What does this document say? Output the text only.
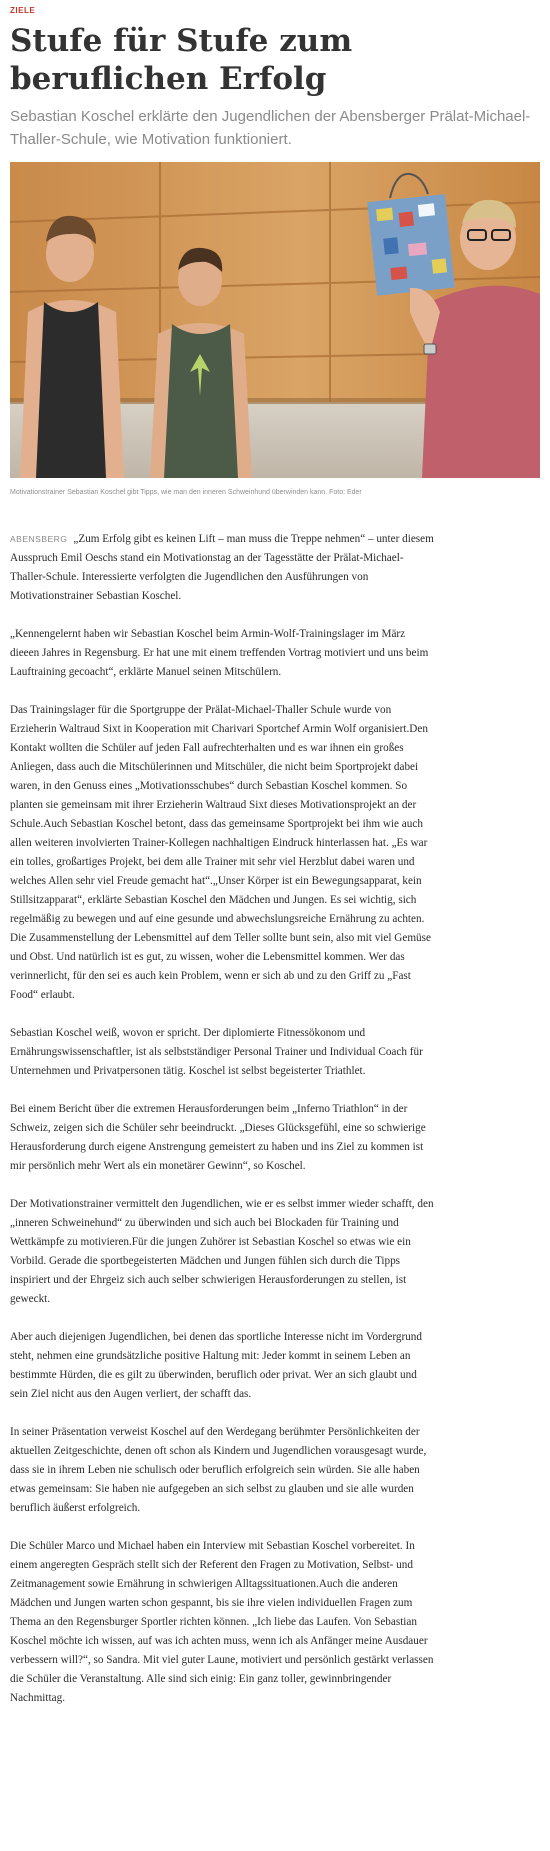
ZIELE
Stufe für Stufe zum beruflichen Erfolg

Sebastian Koschel erklärte den Jugendlichen der Abensberger Prälat-Michael-Thaller-Schule, wie Motivation funktioniert.

Motivationstrainer Sebastian Koschel gibt Tipps, wie man den inneren Schweinhund überwinden kann. Foto: Eder

ABENSBERG „Zum Erfolg gibt es keinen Lift – man muss die Treppe nehmen“ – unter diesem Ausspruch Emil Oeschs stand ein Motivationstag an der Tagesstätte der Prälat-Michael-Thaller-Schule. Interessierte verfolgten die Jugendlichen den Ausführungen von Motivationstrainer Sebastian Koschel.

„Kennengelernt haben wir Sebastian Koschel beim Armin-Wolf-Trainingslager im März dieeen Jahres in Regensburg. Er hat une mit einem treffenden Vortrag motiviert und uns beim Lauftraining gecoacht“, erklärte Manuel seinen Mitschülern.

Das Trainingslager für die Sportgruppe der Prälat-Michael-Thaller Schule wurde von Erzieherin Waltraud Sixt in Kooperation mit Charivari Sportchef Armin Wolf organisiert.Den Kontakt wollten die Schüler auf jeden Fall aufrechterhalten und es war ihnen ein großes Anliegen, dass auch die Mitschülerinnen und Mitschüler, die nicht beim Sportprojekt dabei waren, in den Genuss eines „Motivationsschubes“ durch Sebastian Koschel kommen. So planten sie gemeinsam mit ihrer Erzieherin Waltraud Sixt dieses Motivationsprojekt an der Schule.Auch Sebastian Koschel betont, dass das gemeinsame Sportprojekt bei ihm wie auch allen weiteren involvierten Trainer-Kollegen nachhaltigen Eindruck hinterlassen hat. „Es war ein tolles, großartiges Projekt, bei dem alle Trainer mit sehr viel Herzblut dabei waren und welches Allen sehr viel Freude gemacht hat“.„Unser Körper ist ein Bewegungsapparat, kein Stillsitzapparat“, erklärte Sebastian Koschel den Mädchen und Jungen. Es sei wichtig, sich regelmäßig zu bewegen und auf eine gesunde und abwechslungsreiche Ernährung zu achten. Die Zusammenstellung der Lebensmittel auf dem Teller sollte bunt sein, also mit viel Gemüse und Obst. Und natürlich ist es gut, zu wissen, woher die Lebensmittel kommen. Wer das verinnerlicht, für den sei es auch kein Problem, wenn er sich ab und zu den Griff zu „Fast Food“ erlaubt.

Sebastian Koschel weiß, wovon er spricht. Der diplomierte Fitnessökonom und Ernährungswissenschaftler, ist als selbstständiger Personal Trainer und Individual Coach für Unternehmen und Privatpersonen tätig. Koschel ist selbst begeisterter Triathlet.

Bei einem Bericht über die extremen Herausforderungen beim „Inferno Triathlon“ in der Schweiz, zeigen sich die Schüler sehr beeindruckt. „Dieses Glücksgefühl, eine so schwierige Herausforderung durch eigene Anstrengung gemeistert zu haben und ins Ziel zu kommen ist mir persönlich mehr Wert als ein monetärer Gewinn“, so Koschel.

Der Motivationstrainer vermittelt den Jugendlichen, wie er es selbst immer wieder schafft, den „inneren Schweinehund“ zu überwinden und sich auch bei Blockaden für Training und Wettkämpfe zu motivieren.Für die jungen Zuhörer ist Sebastian Koschel so etwas wie ein Vorbild. Gerade die sportbegeisterten Mädchen und Jungen fühlen sich durch die Tipps inspiriert und der Ehrgeiz sich auch selber schwierigen Herausforderungen zu stellen, ist geweckt.

Aber auch diejenigen Jugendlichen, bei denen das sportliche Interesse nicht im Vordergrund steht, nehmen eine grundsätzliche positive Haltung mit: Jeder kommt in seinem Leben an bestimmte Hürden, die es gilt zu überwinden, beruflich oder privat. Wer an sich glaubt und sein Ziel nicht aus den Augen verliert, der schafft das.

In seiner Präsentation verweist Koschel auf den Werdegang berühmter Persönlichkeiten der aktuellen Zeitgeschichte, denen oft schon als Kindern und Jugendlichen vorausgesagt wurde, dass sie in ihrem Leben nie schulisch oder beruflich erfolgreich sein würden. Sie alle haben etwas gemeinsam: Sie haben nie aufgegeben an sich selbst zu glauben und sie alle wurden beruflich äußerst erfolgreich.

Die Schüler Marco und Michael haben ein Interview mit Sebastian Koschel vorbereitet. In einem angeregten Gespräch stellt sich der Referent den Fragen zu Motivation, Selbst- und Zeitmanagement sowie Ernährung in schwierigen Alltagssituationen.Auch die anderen Mädchen und Jungen warten schon gespannt, bis sie ihre vielen individuellen Fragen zum Thema an den Regensburger Sportler richten können. „Ich liebe das Laufen. Von Sebastian Koschel möchte ich wissen, auf was ich achten muss, wenn ich als Anfänger meine Ausdauer verbessern will?“, so Sandra. Mit viel guter Laune, motiviert und persönlich gestärkt verlassen die Schüler die Veranstaltung. Alle sind sich einig: Ein ganz toller, gewinnbringender Nachmittag.
